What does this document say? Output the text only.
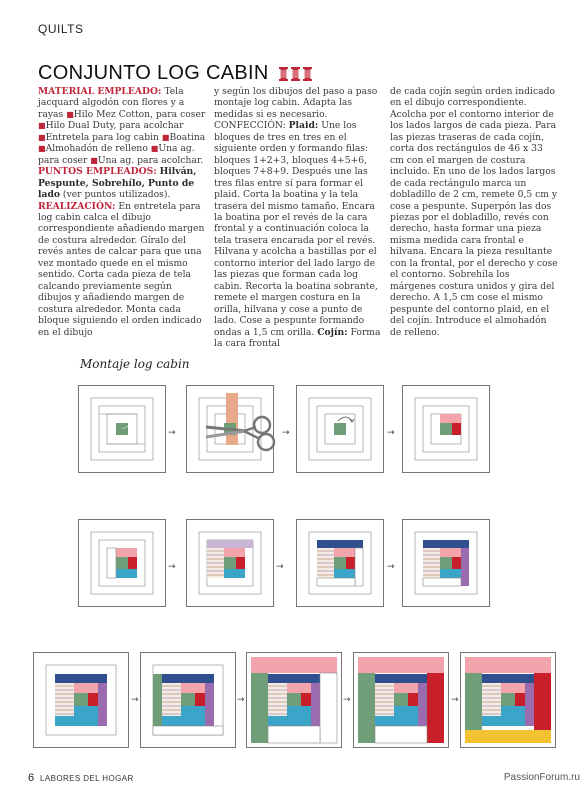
QUILTS
CONJUNTO LOG CABIN

MATERIAL EMPLEADO: Tela jacquard algodón con flores y a rayas ■Hilo Mez Cotton, para coser ■Hilo Dual Duty, para acolchar ■Entretela para log cabin ■Boatina ■Almohadón de relleno ■Una ag. para coser ■Una ag. para acolchar.

PUNTOS EMPLEADOS: Hilván, Pespunte, Sobrehílo, Punto de lado (ver puntos utilizados).

REALIZACIÓN: En entretela para log cabin calca el dibujo correspondiente añadiendo margen de costura alrededor. Gíralo del revés antes de calcar para que una vez montado quede en el mismo sentido. Corta cada pieza de tela calcando previamente según dibujos y añadiendo margen de costura alrededor. Monta cada bloque siguiendo el orden indicado en el dibujo

y según los dibujos del paso a paso montaje log cabin. Adapta las medidas si es necesario. CONFECCIÓN: Plaid: Une los bloques de tres en tres en el siguiente orden y formando filas: bloques 1+2+3, bloques 4+5+6, bloques 7+8+9. Después une las tres filas entre sí para formar el plaid. Corta la boatina y la tela trasera del mismo tamaño. Encara la boatina por el revés de la cara frontal y a continuación coloca la tela trasera encarada por el revés. Hilvana y acolcha a bastillas por el contorno interior del lado largo de las piezas que forman cada log cabin. Recorta la boatina sobrante, remete el margen costura en la orilla, hilvana y cose a punto de lado. Cose a pespunte formando ondas a 1,5 cm orilla. Cojín: Forma la cara frontal

de cada cojín según orden indicado en el dibujo correspondiente. Acolcha por el contorno interior de los lados largos de cada pieza. Para las piezas traseras de cada cojín, corta dos rectángulos de 46 x 33 cm con el margen de costura incluido. En uno de los lados largos de cada rectángulo marca un dobladillo de 2 cm, remete 0,5 cm y cose a pespunte. Superpón las dos piezas por el dobladillo, revés con derecho, hasta formar una pieza misma medida cara frontal e hilvana. Encara la pieza resultante con la frontal, por el derecho y cose el contorno. Sobrehíla los márgenes costura unidos y gira del derecho. A 1,5 cm cose el mismo pespunte del contorno plaid, en el del cojín. Introduce el almohadón de relleno.

Montaje log cabin
→	→	→
→	→	→
→	→	→	→
6 LABORES DEL HOGAR	PassionForum.ru
